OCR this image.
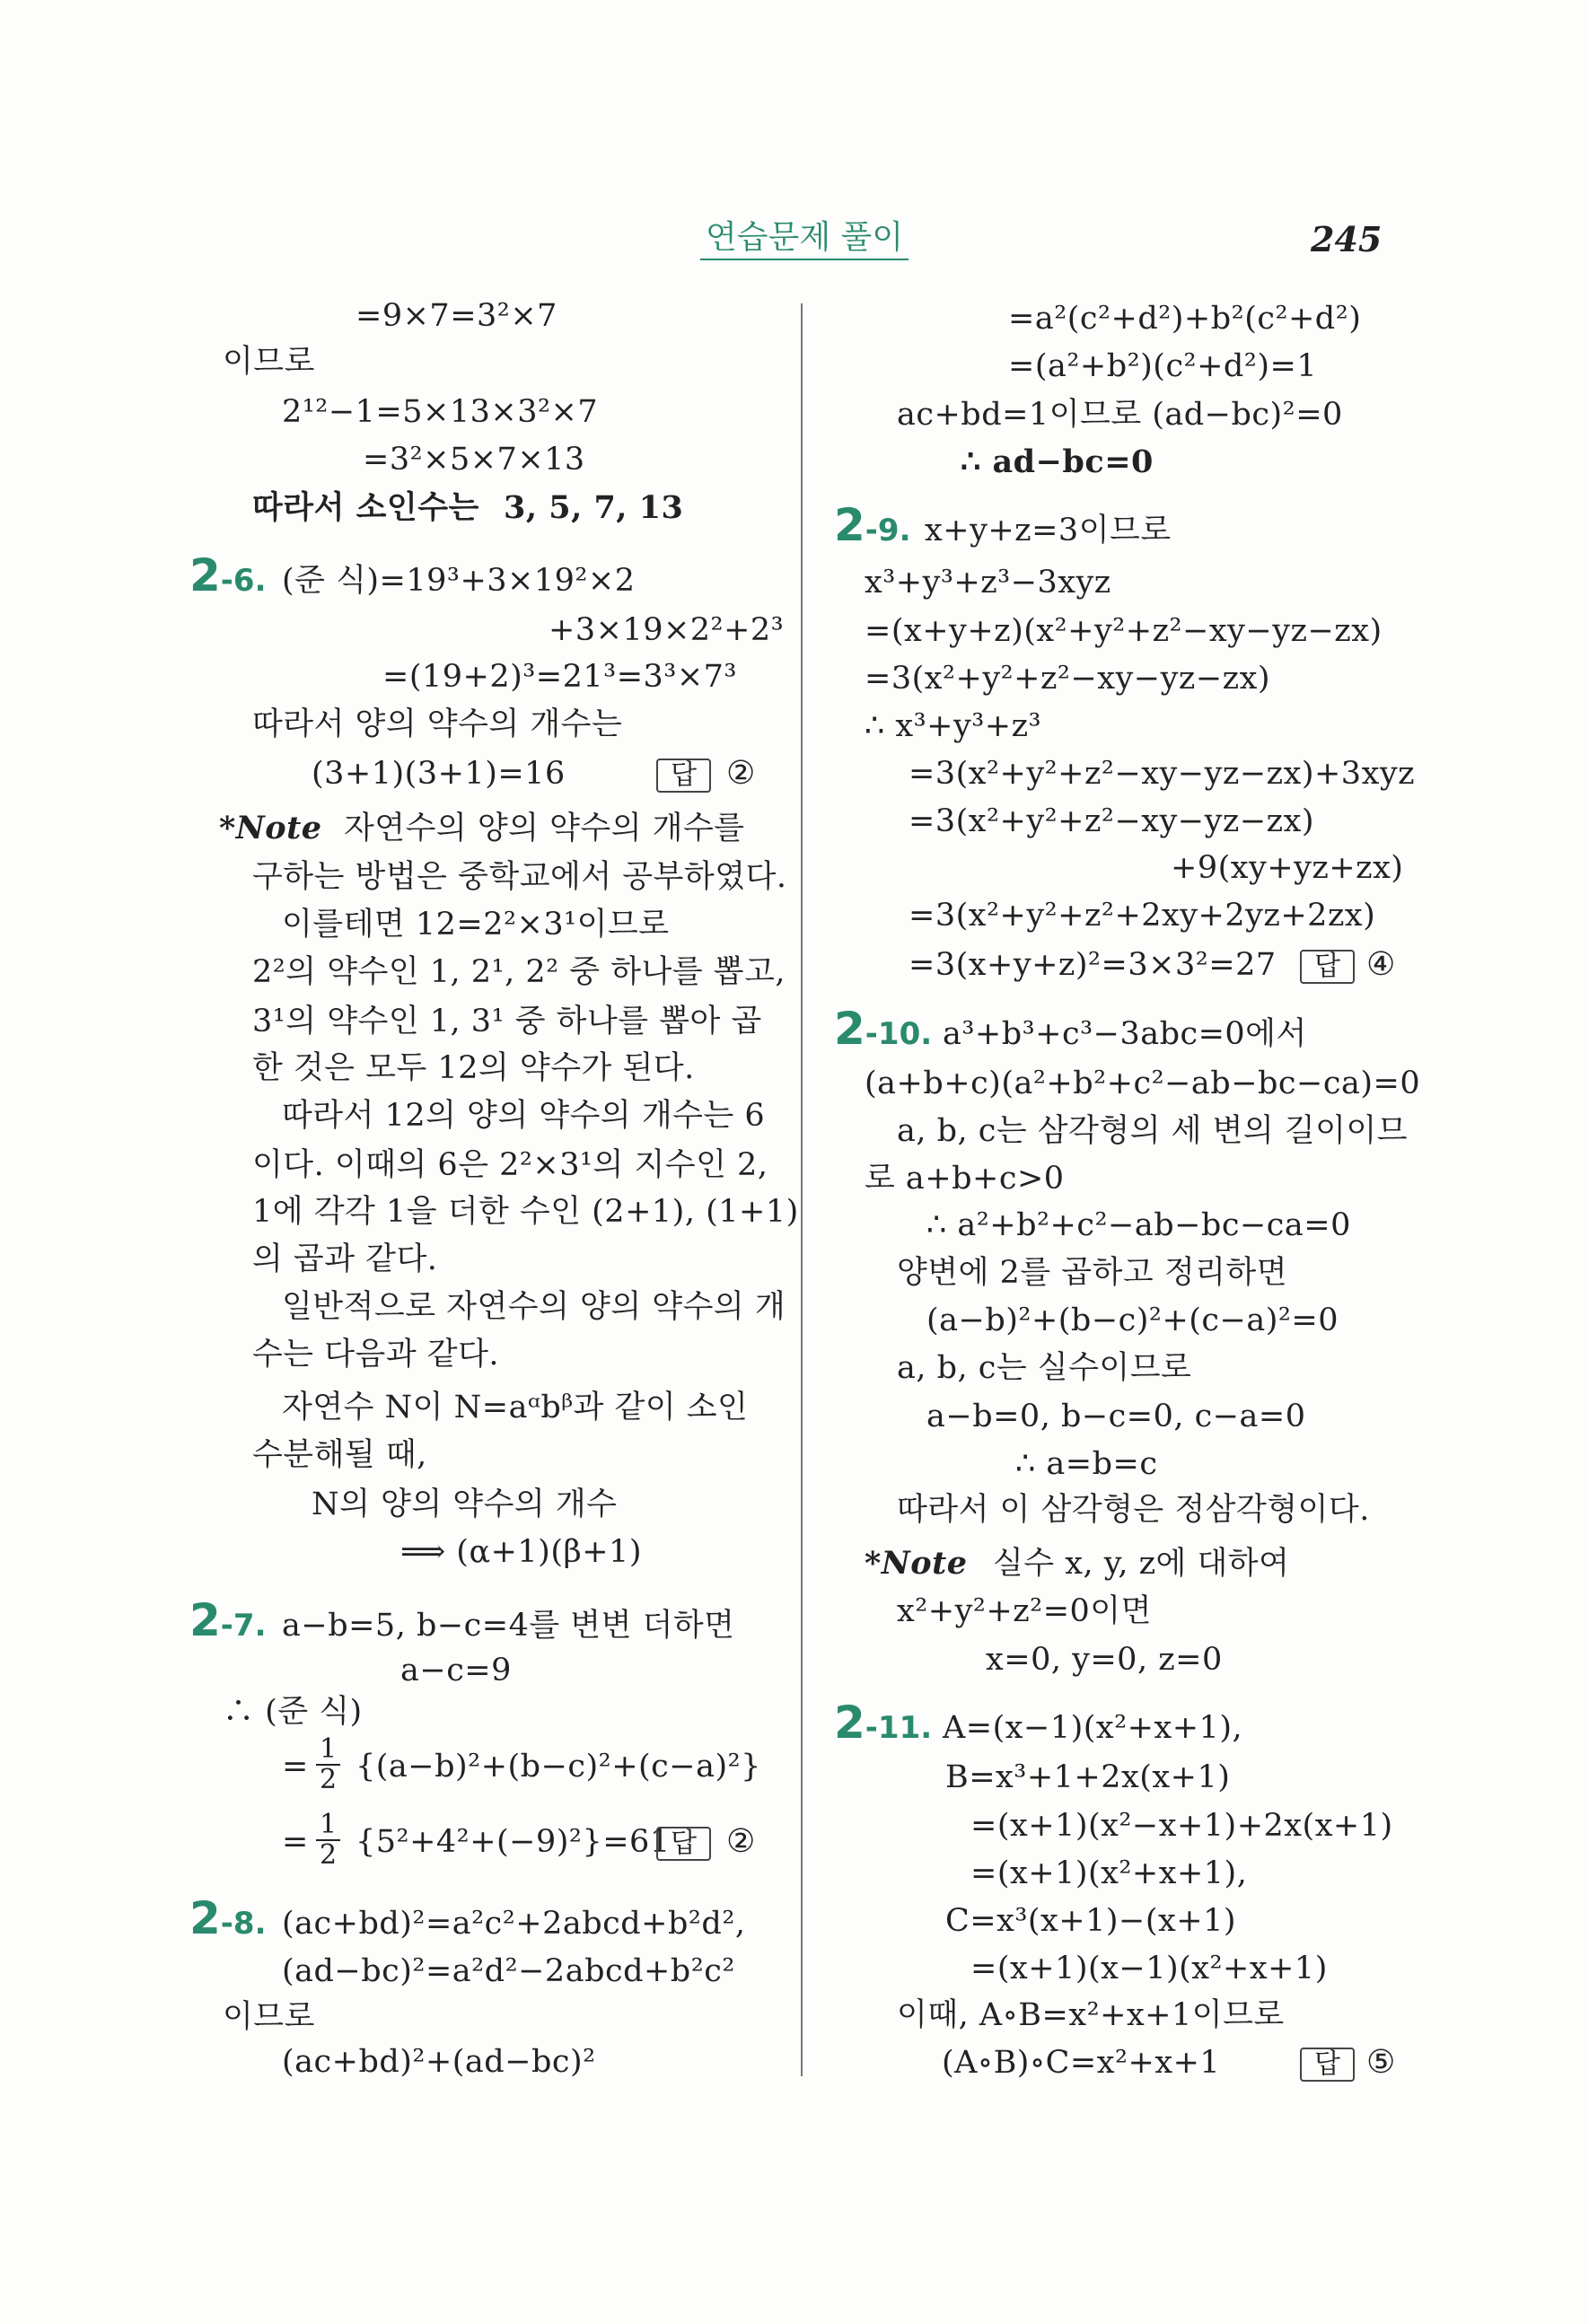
연습문제 풀이	245
=9×7=3²×7
이므로
2¹²−1=5×13×3²×7
=3²×5×7×13
따라서 소인수는 3, 5, 7, 13
(준 식)=19³+3×19²×2
+3×19×2²+2³
=(19+2)³=21³=3³×7³
따라서 양의 약수의 개수는
(3+1)(3+1)=16
*Note 자연수의 양의 약수의 개수를
구하는 방법은 중학교에서 공부하였다.
이를테면 12=2²×3¹이므로
2²의 약수인 1, 2¹, 2² 중 하나를 뽑고,
3¹의 약수인 1, 3¹ 중 하나를 뽑아 곱
한 것은 모두 12의 약수가 된다.
따라서 12의 양의 약수의 개수는 6
이다. 이때의 6은 2²×3¹의 지수인 2,
1에 각각 1을 더한 수인 (2+1), (1+1)
의 곱과 같다.
일반적으로 자연수의 양의 약수의 개
수는 다음과 같다.
자연수 N이 N=aᵅbᵝ과 같이 소인
수분해될 때,
N의 양의 약수의 개수
⟹ (α+1)(β+1)
a−b=5, b−c=4를 변변 더하면
a−c=9
∴ (준 식)
= {(a−b)²+(b−c)²+(c−a)²}
= {5²+4²+(−9)²}=61
(ac+bd)²=a²c²+2abcd+b²d²,
(ad−bc)²=a²d²−2abcd+b²c²
이므로
(ac+bd)²+(ad−bc)²
=a²(c²+d²)+b²(c²+d²)
=(a²+b²)(c²+d²)=1
ac+bd=1이므로 (ad−bc)²=0
∴ ad−bc=0
x+y+z=3이므로
x³+y³+z³−3xyz
=(x+y+z)(x²+y²+z²−xy−yz−zx)
=3(x²+y²+z²−xy−yz−zx)
∴ x³+y³+z³
=3(x²+y²+z²−xy−yz−zx)+3xyz
=3(x²+y²+z²−xy−yz−zx)
+9(xy+yz+zx)
=3(x²+y²+z²+2xy+2yz+2zx)
=3(x+y+z)²=3×3²=27
a³+b³+c³−3abc=0에서
(a+b+c)(a²+b²+c²−ab−bc−ca)=0
a, b, c는 삼각형의 세 변의 길이이므
로 a+b+c>0
∴ a²+b²+c²−ab−bc−ca=0
양변에 2를 곱하고 정리하면
(a−b)²+(b−c)²+(c−a)²=0
a, b, c는 실수이므로
a−b=0, b−c=0, c−a=0
∴ a=b=c
따라서 이 삼각형은 정삼각형이다.
*Note 실수 x, y, z에 대하여
x²+y²+z²=0이면
x=0, y=0, z=0
A=(x−1)(x²+x+1),
B=x³+1+2x(x+1)
=(x+1)(x²−x+1)+2x(x+1)
=(x+1)(x²+x+1),
C=x³(x+1)−(x+1)
=(x+1)(x−1)(x²+x+1)
이때, A∘B=x²+x+1이므로
(A∘B)∘C=x²+x+1
2-6.
2-7.
2-8.
2-9.
2-10.
2-11.
답 ②
답 ②
답 ④
답 ⑤
$\frac{1}{2}$
$\frac{1}{2}$
